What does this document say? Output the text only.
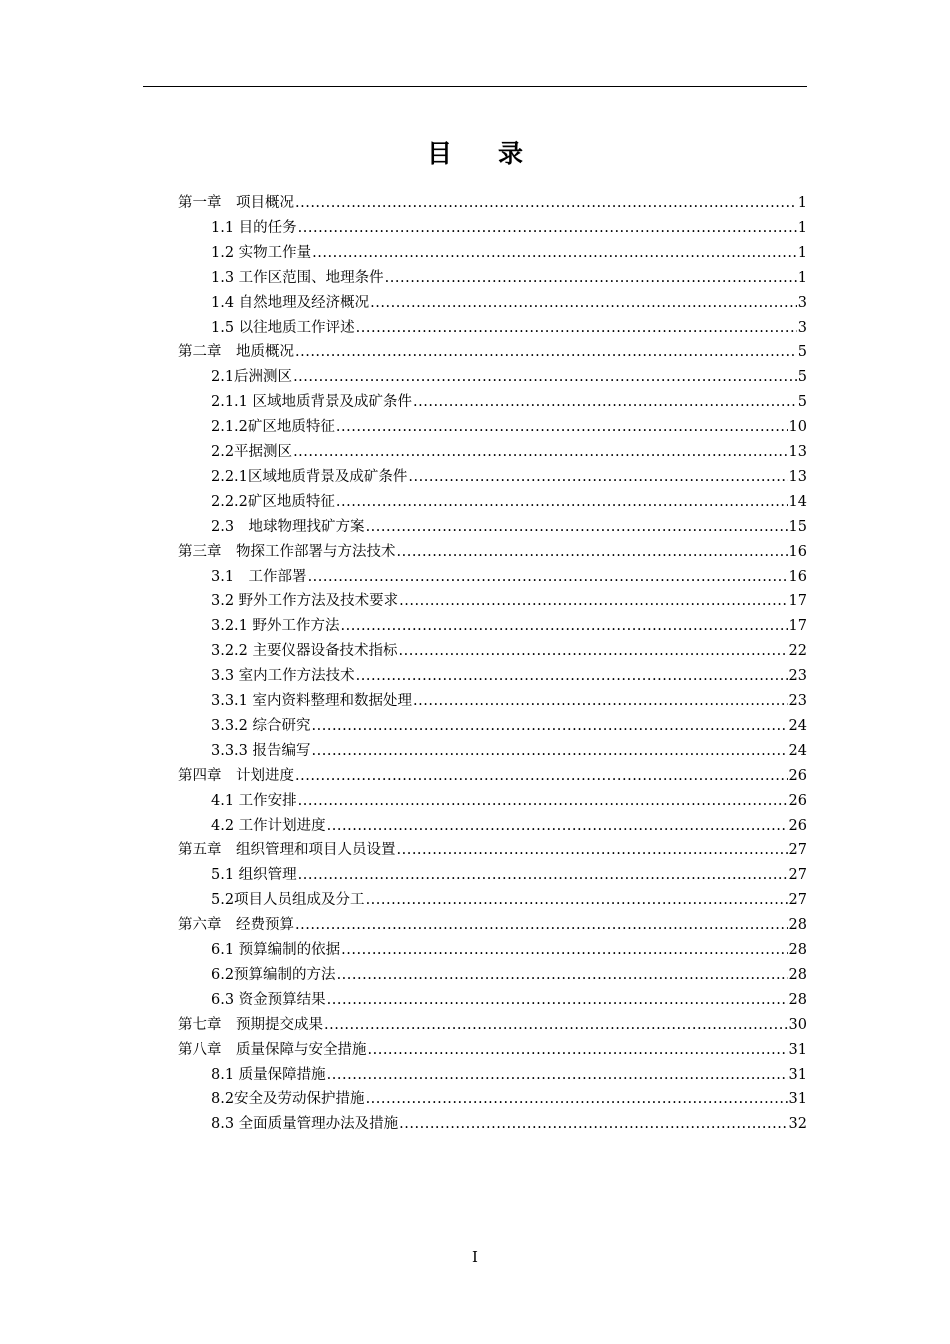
目录
第一章　项目概况 .....	1
1.1 目的任务 .....	1
1.2 实物工作量 .....	1
1.3 工作区范围、地理条件 .....	1
1.4 自然地理及经济概况 .....	3
1.5 以往地质工作评述 .....	3
第二章　地质概况 .....	5
2.1后洲测区 .....	5
2.1.1 区域地质背景及成矿条件 .....	5
2.1.2矿区地质特征 .....	10
2.2平据测区 .....	13
2.2.1区域地质背景及成矿条件 .....	13
2.2.2矿区地质特征 .....	14
2.3　地球物理找矿方案 .....	15
第三章　物探工作部署与方法技术 .....	16
3.1　工作部署 .....	16
3.2 野外工作方法及技术要求 .....	17
3.2.1 野外工作方法 .....	17
3.2.2 主要仪器设备技术指标 .....	22
3.3 室内工作方法技术 .....	23
3.3.1 室内资料整理和数据处理 .....	23
3.3.2 综合研究 .....	24
3.3.3 报告编写 .....	24
第四章　计划进度 .....	26
4.1 工作安排 .....	26
4.2 工作计划进度 .....	26
第五章　组织管理和项目人员设置 .....	27
5.1 组织管理 .....	27
5.2项目人员组成及分工 .....	27
第六章　经费预算 .....	28
6.1 预算编制的依据 .....	28
6.2预算编制的方法 .....	28
6.3 资金预算结果 .....	28
第七章　预期提交成果 .....	30
第八章　质量保障与安全措施 .....	31
8.1 质量保障措施 .....	31
8.2安全及劳动保护措施 .....	31
8.3 全面质量管理办法及措施 .....	32
I
